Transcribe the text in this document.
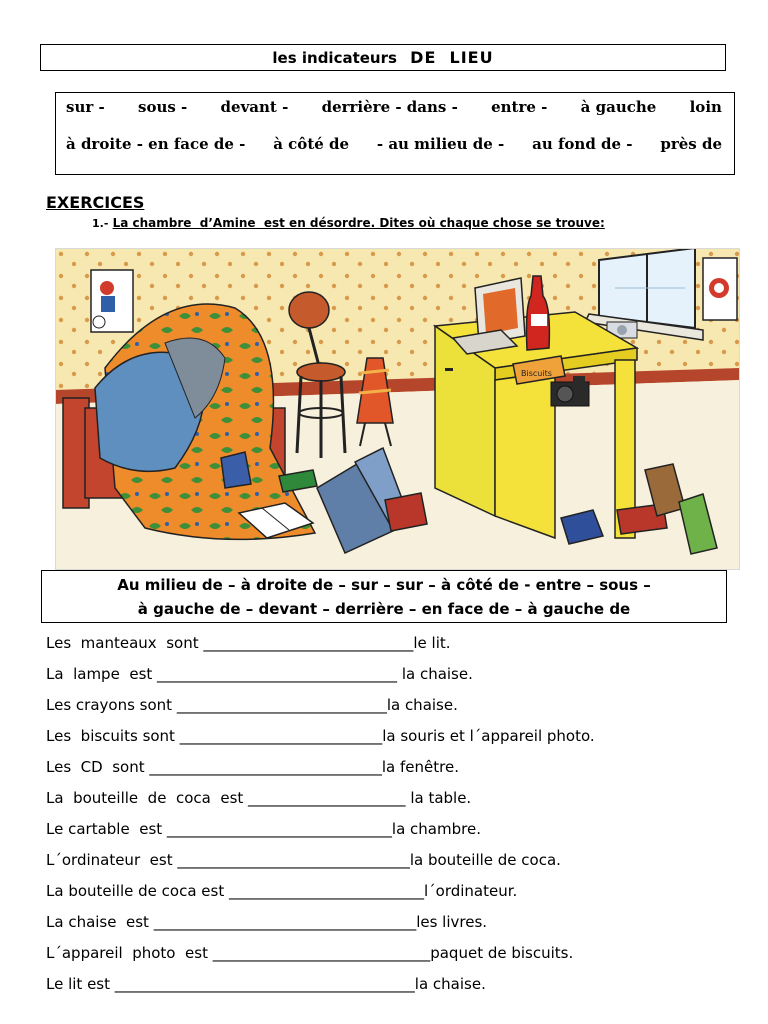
les indicateurs DE  LIEU
sur - sous - devant - derrière - dans - entre - à gauche loin
à droite - en face de - à côté de - au milieu de - au fond de - près de
EXERCICES
1.- La chambre  d’Amine  est en désordre. Dites où chaque chose se trouve:
Biscuits
Au milieu de – à droite de – sur – sur – à côté de - entre – sous –
à gauche de – devant – derrière – en face de – à gauche de
Les  manteaux  sont ____________________________le lit.
La  lampe  est ________________________________ la chaise.
Les crayons sont ____________________________la chaise.
Les  biscuits sont ___________________________la souris et l´appareil photo.
Les  CD  sont _______________________________la fenêtre.
La  bouteille  de  coca  est _____________________ la table.
Le cartable  est ______________________________la chambre.
L´ordinateur  est _______________________________la bouteille de coca.
La bouteille de coca est __________________________l´ordinateur.
La chaise  est ___________________________________les livres.
L´appareil  photo  est _____________________________paquet de biscuits.
Le lit est ________________________________________la chaise.
